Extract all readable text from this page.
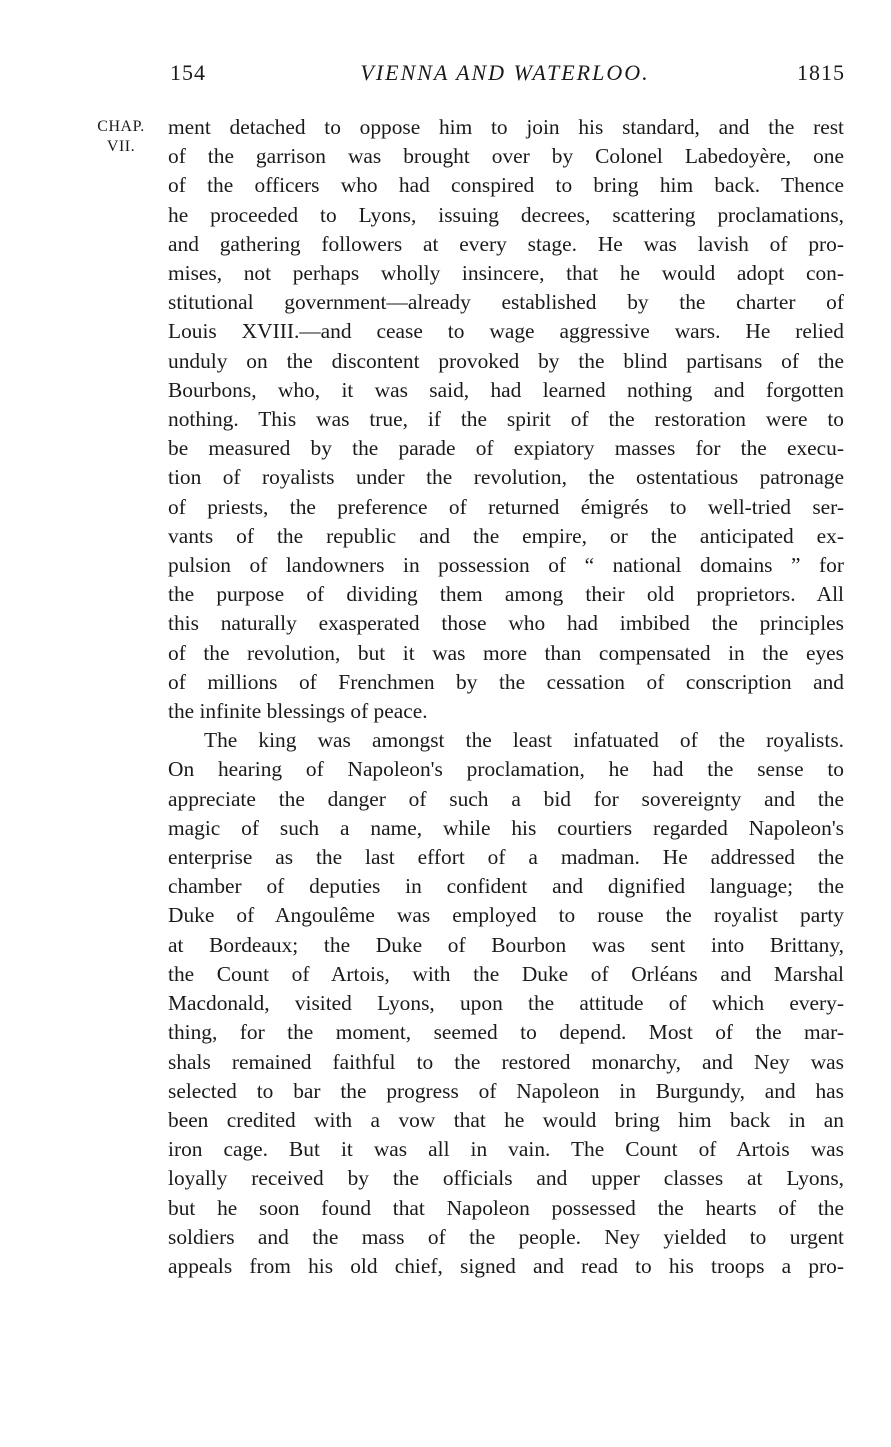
154	VIENNA AND WATERLOO.	1815
CHAP.
VII.

ment detached to oppose him to join his standard, and the rest
of the garrison was brought over by Colonel Labedoyère, one
of the officers who had conspired to bring him back. Thence
he proceeded to Lyons, issuing decrees, scattering proclamations,
and gathering followers at every stage. He was lavish of pro-
mises, not perhaps wholly insincere, that he would adopt con-
stitutional government—already established by the charter of
Louis XVIII.—and cease to wage aggressive wars. He relied
unduly on the discontent provoked by the blind partisans of the
Bourbons, who, it was said, had learned nothing and forgotten
nothing. This was true, if the spirit of the restoration were to
be measured by the parade of expiatory masses for the execu-
tion of royalists under the revolution, the ostentatious patronage
of priests, the preference of returned émigrés to well-tried ser-
vants of the republic and the empire, or the anticipated ex-
pulsion of landowners in possession of “ national domains ” for
the purpose of dividing them among their old proprietors. All
this naturally exasperated those who had imbibed the principles
of the revolution, but it was more than compensated in the eyes
of millions of Frenchmen by the cessation of conscription and
the infinite blessings of peace.

The king was amongst the least infatuated of the royalists.
On hearing of Napoleon's proclamation, he had the sense to
appreciate the danger of such a bid for sovereignty and the
magic of such a name, while his courtiers regarded Napoleon's
enterprise as the last effort of a madman. He addressed the
chamber of deputies in confident and dignified language; the
Duke of Angoulême was employed to rouse the royalist party
at Bordeaux; the Duke of Bourbon was sent into Brittany,
the Count of Artois, with the Duke of Orléans and Marshal
Macdonald, visited Lyons, upon the attitude of which every-
thing, for the moment, seemed to depend. Most of the mar-
shals remained faithful to the restored monarchy, and Ney was
selected to bar the progress of Napoleon in Burgundy, and has
been credited with a vow that he would bring him back in an
iron cage. But it was all in vain. The Count of Artois was
loyally received by the officials and upper classes at Lyons,
but he soon found that Napoleon possessed the hearts of the
soldiers and the mass of the people. Ney yielded to urgent
appeals from his old chief, signed and read to his troops a pro-
